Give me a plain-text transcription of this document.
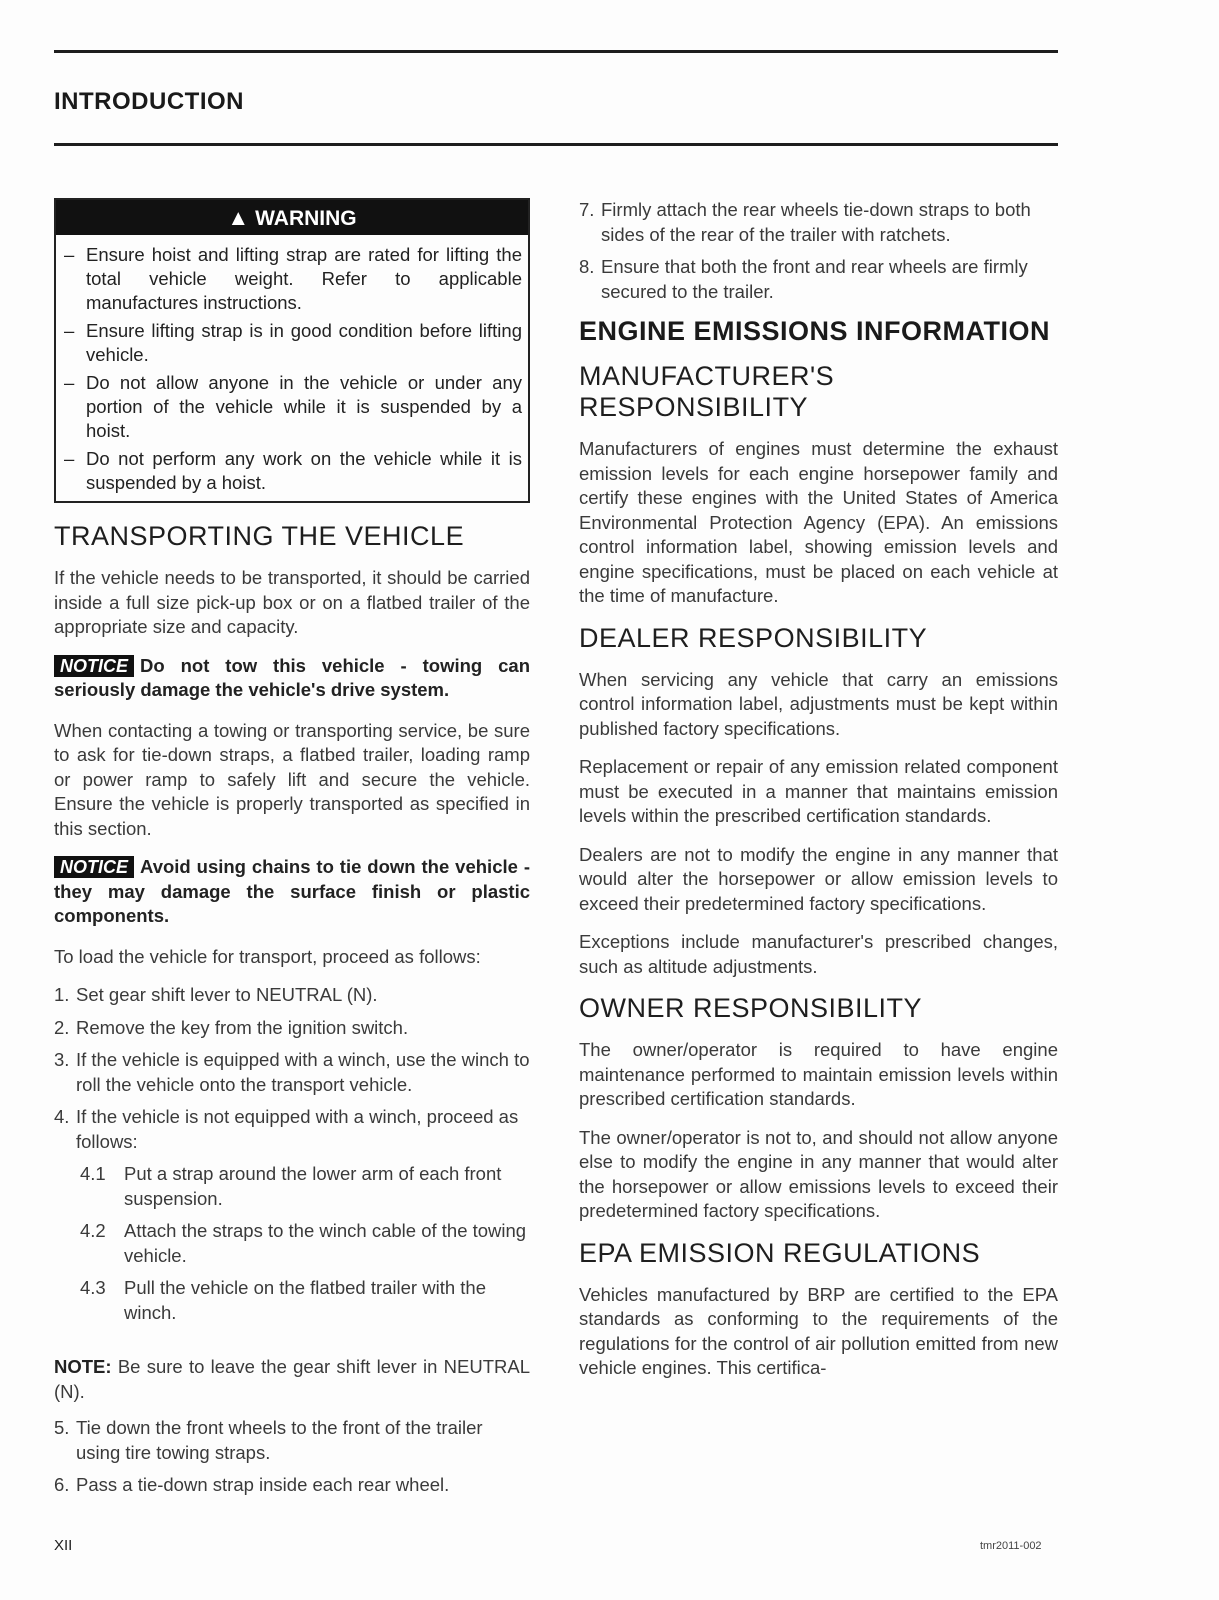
INTRODUCTION
▲ WARNING
– Ensure hoist and lifting strap are rated for lifting the total vehicle weight. Refer to applicable manufactures instructions.
– Ensure lifting strap is in good condition before lifting vehicle.
– Do not allow anyone in the vehicle or under any portion of the vehicle while it is suspended by a hoist.
– Do not perform any work on the vehicle while it is suspended by a hoist.
TRANSPORTING THE VEHICLE

If the vehicle needs to be transported, it should be carried inside a full size pick-up box or on a flatbed trailer of the appropriate size and capacity.

NOTICE Do not tow this vehicle - towing can seriously damage the vehicle's drive system.

When contacting a towing or transporting service, be sure to ask for tie-down straps, a flatbed trailer, loading ramp or power ramp to safely lift and secure the vehicle. Ensure the vehicle is properly transported as specified in this section.

NOTICE Avoid using chains to tie down the vehicle - they may damage the surface finish or plastic components.

To load the vehicle for transport, proceed as follows:

1. Set gear shift lever to NEUTRAL (N).
2. Remove the key from the ignition switch.
3. If the vehicle is equipped with a winch, use the winch to roll the vehicle onto the transport vehicle.
4. If the vehicle is not equipped with a winch, proceed as follows:
4.1 Put a strap around the lower arm of each front suspension.
4.2 Attach the straps to the winch cable of the towing vehicle.
4.3 Pull the vehicle on the flatbed trailer with the winch.
NOTE: Be sure to leave the gear shift lever in NEUTRAL (N).
5. Tie down the front wheels to the front of the trailer using tire towing straps.
6. Pass a tie-down strap inside each rear wheel.
7. Firmly attach the rear wheels tie-down straps to both sides of the rear of the trailer with ratchets.
8. Ensure that both the front and rear wheels are firmly secured to the trailer.
ENGINE EMISSIONS INFORMATION
MANUFACTURER'S RESPONSIBILITY

Manufacturers of engines must determine the exhaust emission levels for each engine horsepower family and certify these engines with the United States of America Environmental Protection Agency (EPA). An emissions control information label, showing emission levels and engine specifications, must be placed on each vehicle at the time of manufacture.

DEALER RESPONSIBILITY

When servicing any vehicle that carry an emissions control information label, adjustments must be kept within published factory specifications.

Replacement or repair of any emission related component must be executed in a manner that maintains emission levels within the prescribed certification standards.

Dealers are not to modify the engine in any manner that would alter the horsepower or allow emission levels to exceed their predetermined factory specifications.

Exceptions include manufacturer's prescribed changes, such as altitude adjustments.

OWNER RESPONSIBILITY

The owner/operator is required to have engine maintenance performed to maintain emission levels within prescribed certification standards.

The owner/operator is not to, and should not allow anyone else to modify the engine in any manner that would alter the horsepower or allow emissions levels to exceed their predetermined factory specifications.

EPA EMISSION REGULATIONS

Vehicles manufactured by BRP are certified to the EPA standards as conforming to the requirements of the regulations for the control of air pollution emitted from new vehicle engines. This certifica-

XII	tmr2011-002
